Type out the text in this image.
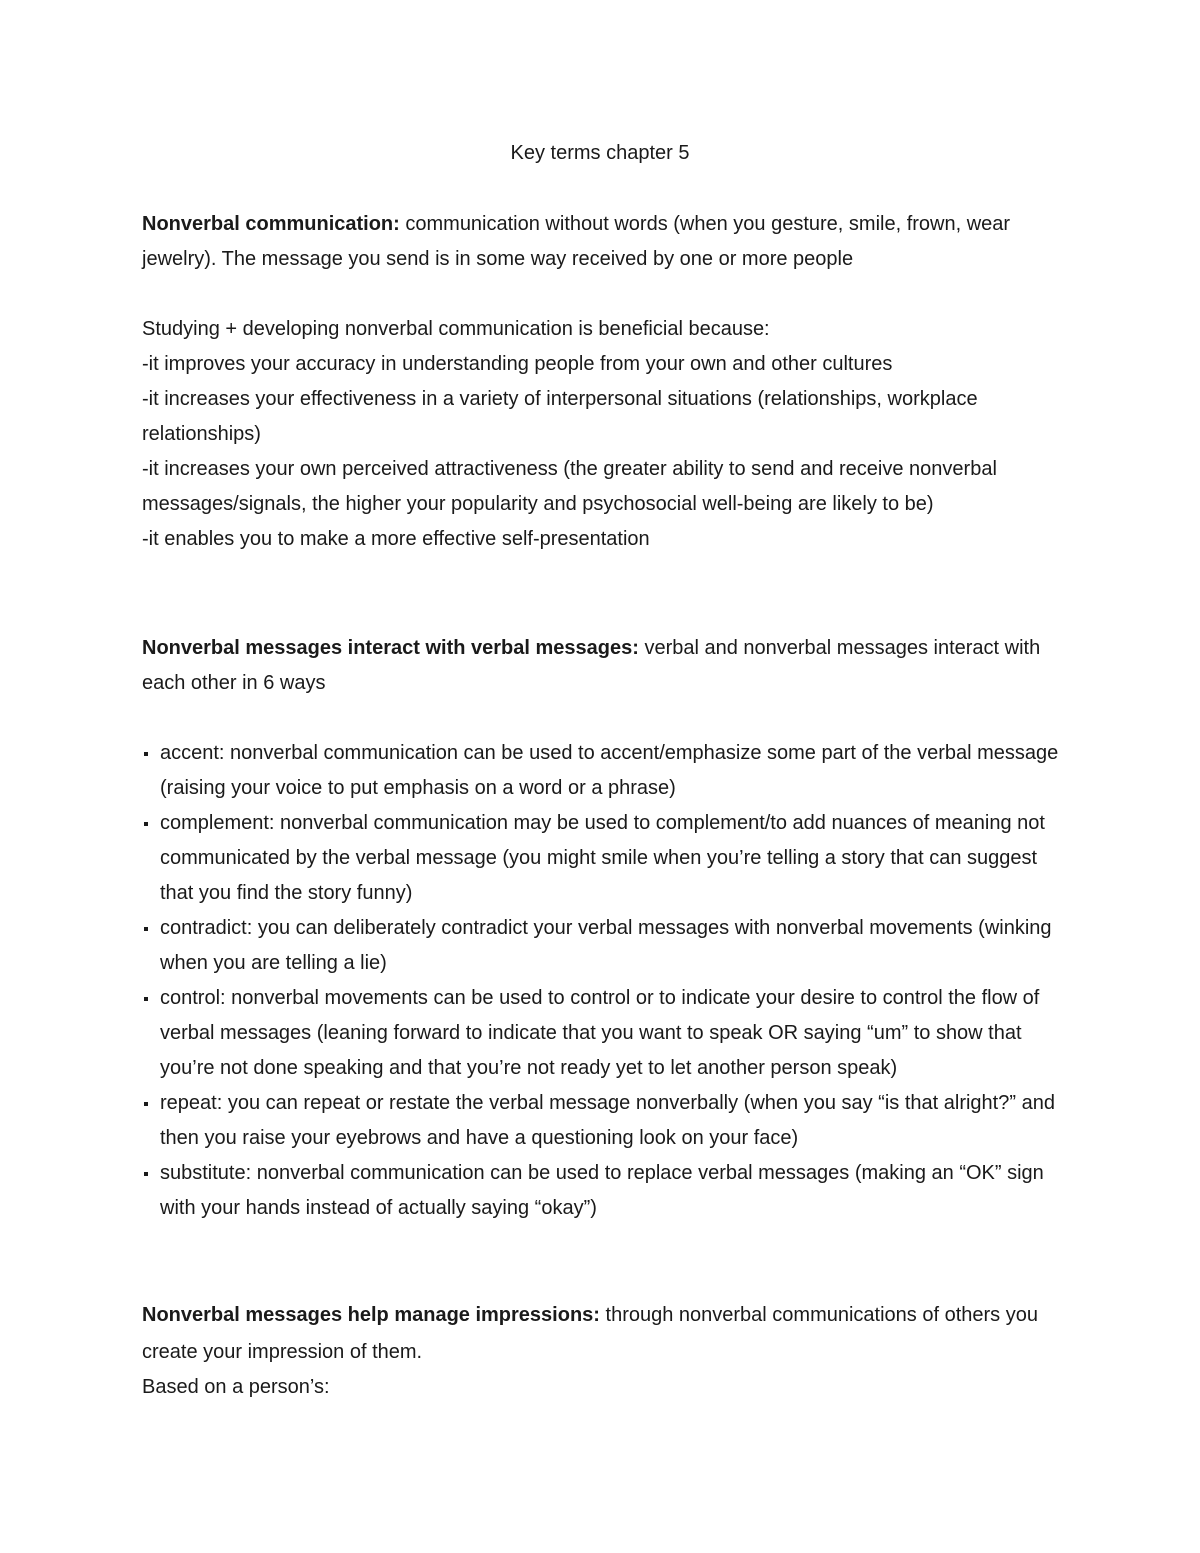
Key terms chapter 5

Nonverbal communication: communication without words (when you gesture, smile, frown, wear jewelry). The message you send is in some way received by one or more people

Studying + developing nonverbal communication is beneficial because:

-it improves your accuracy in understanding people from your own and other cultures

-it increases your effectiveness in a variety of interpersonal situations (relationships, workplace relationships)

-it increases your own perceived attractiveness (the greater ability to send and receive nonverbal messages/signals, the higher your popularity and psychosocial well-being are likely to be)

-it enables you to make a more effective self-presentation

Nonverbal messages interact with verbal messages: verbal and nonverbal messages interact with each other in 6 ways

accent: nonverbal communication can be used to accent/emphasize some part of the verbal message (raising your voice to put emphasis on a word or a phrase)
complement: nonverbal communication may be used to complement/to add nuances of meaning not communicated by the verbal message (you might smile when you’re telling a story that can suggest that you find the story funny)
contradict: you can deliberately contradict your verbal messages with nonverbal movements (winking when you are telling a lie)
control: nonverbal movements can be used to control or to indicate your desire to control the flow of verbal messages (leaning forward to indicate that you want to speak OR saying “um” to show that you’re not done speaking and that you’re not ready yet to let another person speak)
repeat: you can repeat or restate the verbal message nonverbally (when you say “is that alright?” and then you raise your eyebrows and have a questioning look on your face)
substitute: nonverbal communication can be used to replace verbal messages (making an “OK” sign with your hands instead of actually saying “okay”)

Nonverbal messages help manage impressions: through nonverbal communications of others you create your impression of them.

Based on a person’s:
